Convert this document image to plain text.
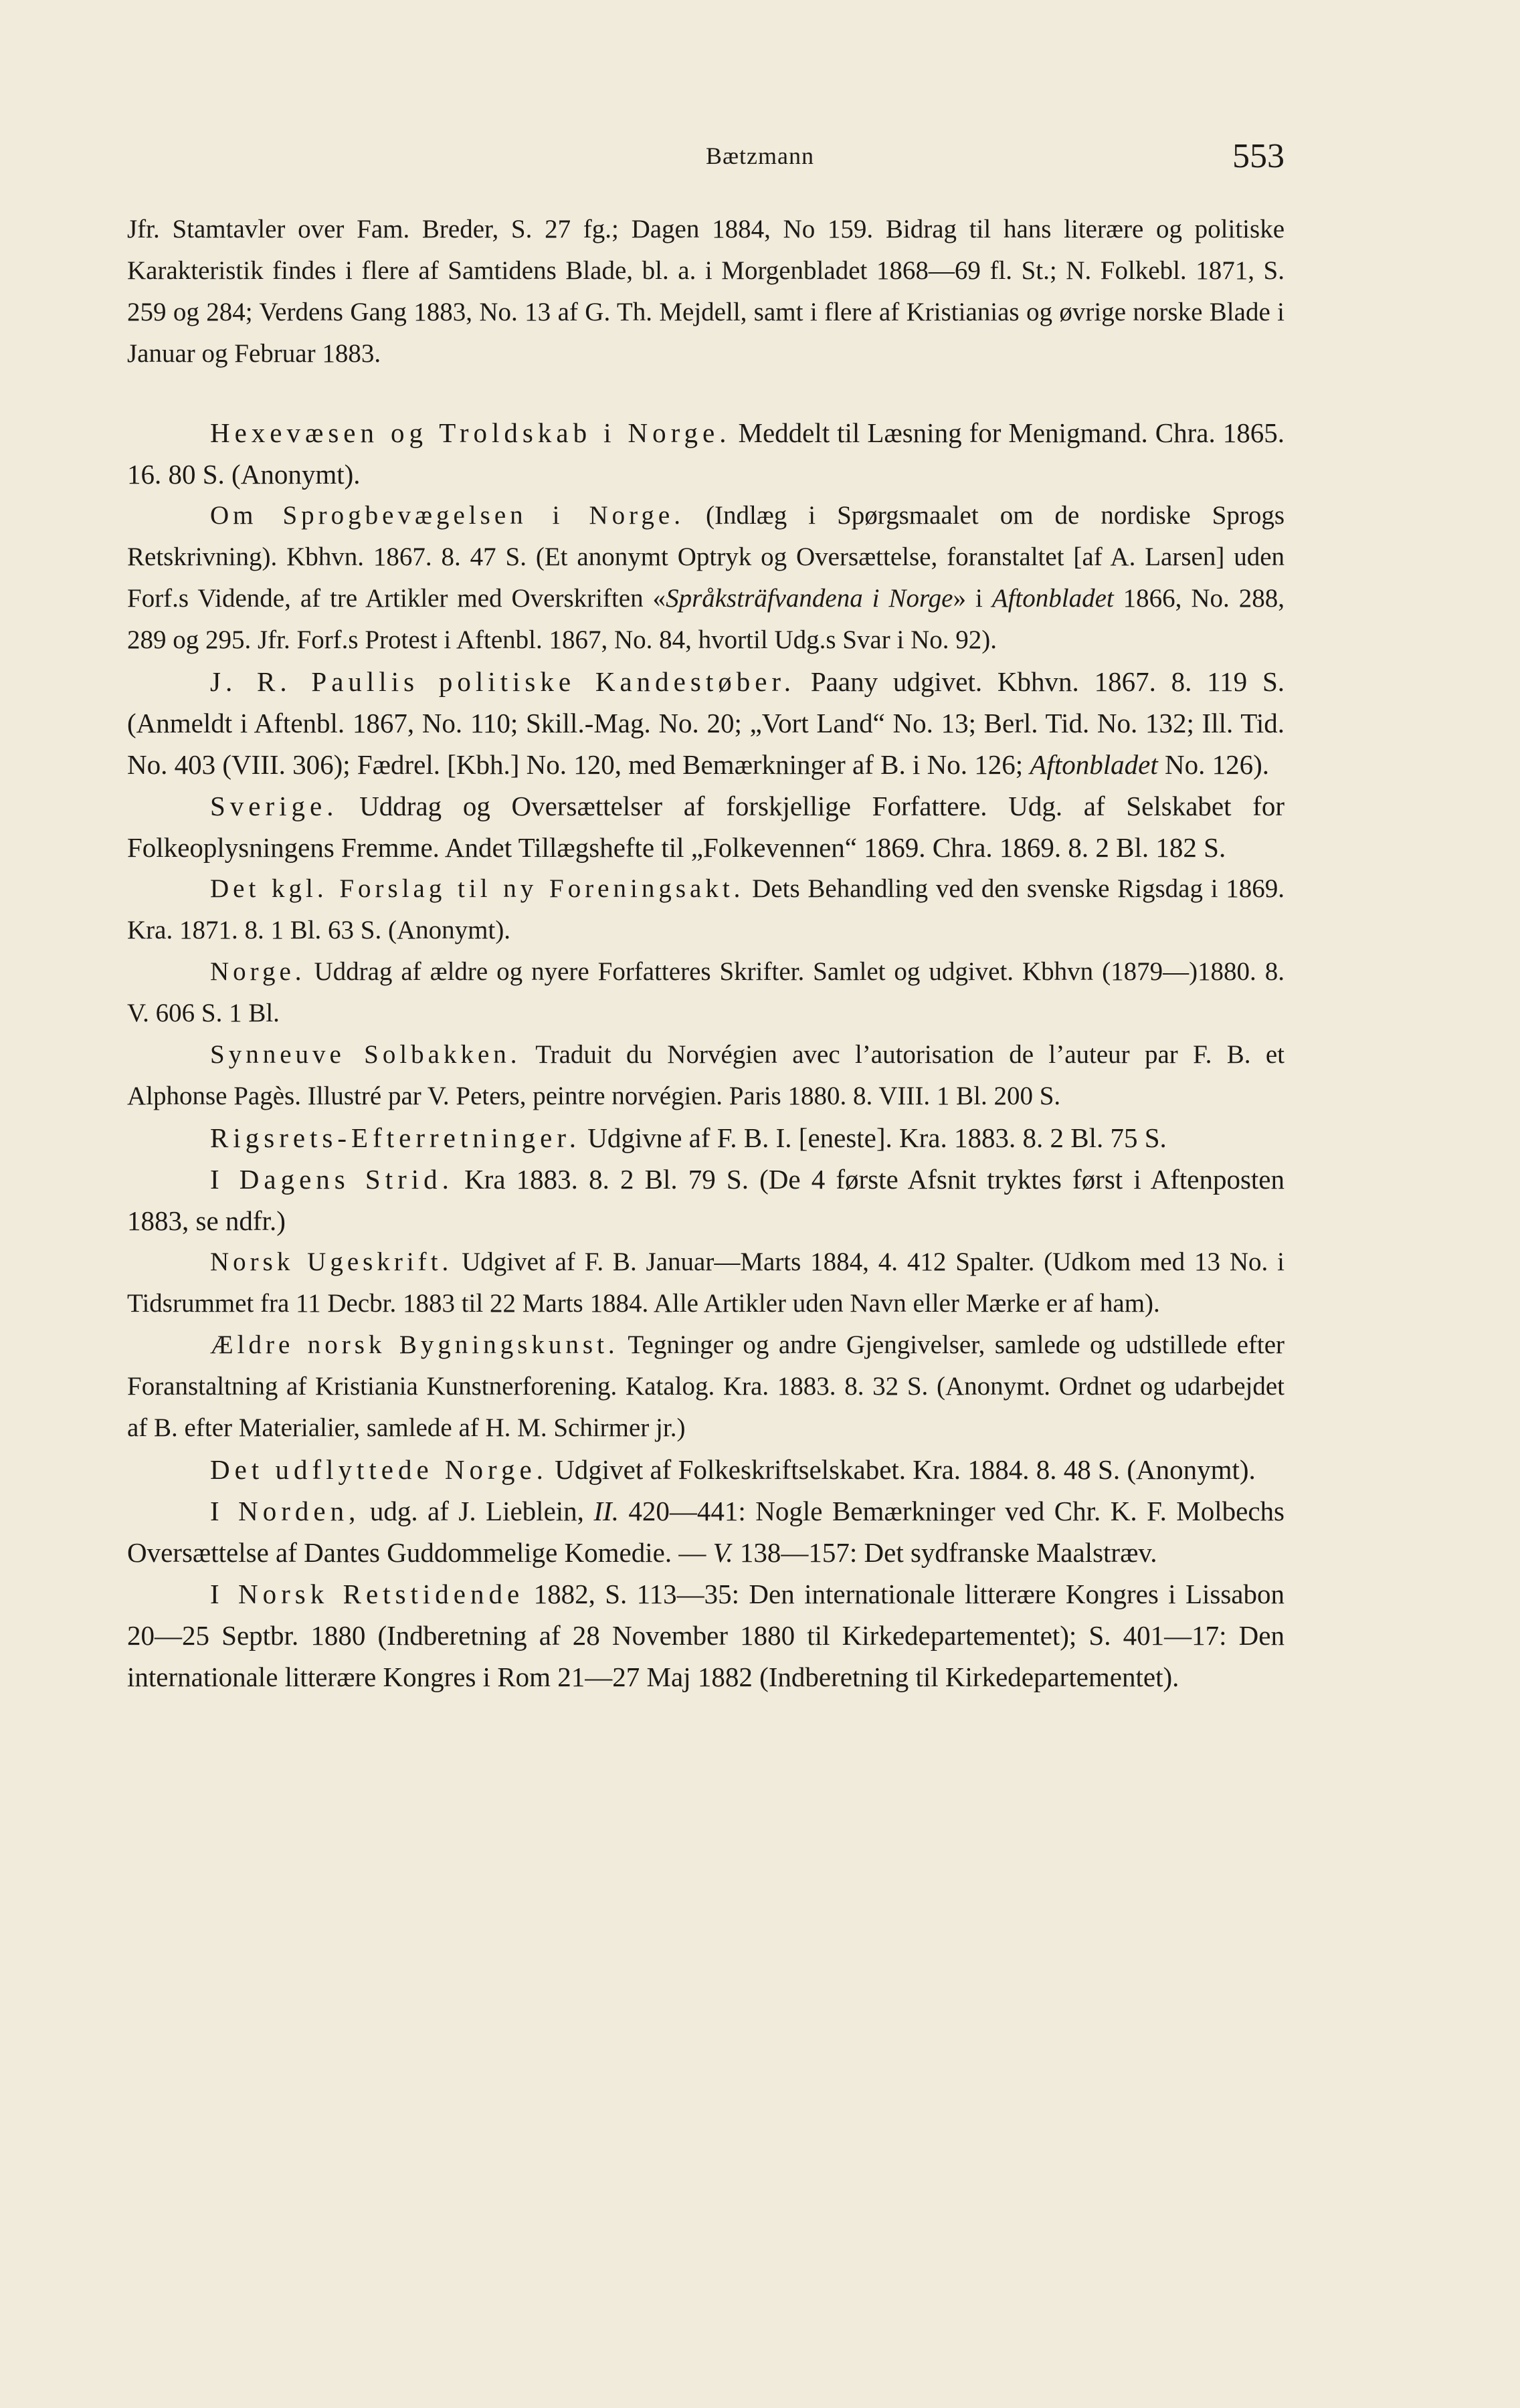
Bætzmann	553

Jfr. Stamtavler over Fam. Breder, S. 27 fg.; Dagen 1884, No 159. Bidrag til hans literære og politiske Karakteristik findes i flere af Samtidens Blade, bl. a. i Morgenbladet 1868—69 fl. St.; N. Folkebl. 1871, S. 259 og 284; Verdens Gang 1883, No. 13 af G. Th. Mejdell, samt i flere af Kristianias og øvrige norske Blade i Januar og Februar 1883.

Hexevæsen og Troldskab i Norge. Meddelt til Læsning for Menigmand. Chra. 1865. 16. 80 S. (Anonymt).

Om Sprogbevægelsen i Norge. (Indlæg i Spørgsmaalet om de nordiske Sprogs Retskrivning). Kbhvn. 1867. 8. 47 S. (Et anonymt Optryk og Oversættelse, foranstaltet [af A. Larsen] uden Forf.s Vidende, af tre Artikler med Overskriften «Språksträfvandena i Norge» i Aftonbladet 1866, No. 288, 289 og 295. Jfr. Forf.s Protest i Aftenbl. 1867, No. 84, hvortil Udg.s Svar i No. 92).

J. R. Paullis politiske Kandestøber. Paany udgivet. Kbhvn. 1867. 8. 119 S. (Anmeldt i Aftenbl. 1867, No. 110; Skill.-Mag. No. 20; „Vort Land“ No. 13; Berl. Tid. No. 132; Ill. Tid. No. 403 (VIII. 306); Fædrel. [Kbh.] No. 120, med Bemærkninger af B. i No. 126; Aftonbladet No. 126).

Sverige. Uddrag og Oversættelser af forskjellige Forfattere. Udg. af Selskabet for Folkeoplysningens Fremme. Andet Tillægshefte til „Folkevennen“ 1869. Chra. 1869. 8. 2 Bl. 182 S.

Det kgl. Forslag til ny Foreningsakt. Dets Behandling ved den svenske Rigsdag i 1869. Kra. 1871. 8. 1 Bl. 63 S. (Anonymt).

Norge. Uddrag af ældre og nyere Forfatteres Skrifter. Samlet og udgivet. Kbhvn (1879—)1880. 8. V. 606 S. 1 Bl.

Synneuve Solbakken. Traduit du Norvégien avec l’autorisation de l’auteur par F. B. et Alphonse Pagès. Illustré par V. Peters, peintre norvégien. Paris 1880. 8. VIII. 1 Bl. 200 S.

Rigsrets-Efterretninger. Udgivne af F. B. I. [eneste]. Kra. 1883. 8. 2 Bl. 75 S.

I Dagens Strid. Kra 1883. 8. 2 Bl. 79 S. (De 4 første Afsnit tryktes først i Aftenposten 1883, se ndfr.)

Norsk Ugeskrift. Udgivet af F. B. Januar—Marts 1884, 4. 412 Spalter. (Udkom med 13 No. i Tidsrummet fra 11 Decbr. 1883 til 22 Marts 1884. Alle Artikler uden Navn eller Mærke er af ham).

Ældre norsk Bygningskunst. Tegninger og andre Gjengivelser, samlede og udstillede efter Foranstaltning af Kristiania Kunstnerforening. Katalog. Kra. 1883. 8. 32 S. (Anonymt. Ordnet og udarbejdet af B. efter Materialier, samlede af H. M. Schirmer jr.)

Det udflyttede Norge. Udgivet af Folkeskriftselskabet. Kra. 1884. 8. 48 S. (Anonymt).

I Norden, udg. af J. Lieblein, II. 420—441: Nogle Bemærkninger ved Chr. K. F. Molbechs Oversættelse af Dantes Guddommelige Komedie. — V. 138—157: Det sydfranske Maalstræv.

I Norsk Retstidende 1882, S. 113—35: Den internationale litterære Kongres i Lissabon 20—25 Septbr. 1880 (Indberetning af 28 November 1880 til Kirkedepartementet); S. 401—17: Den internationale litterære Kongres i Rom 21—27 Maj 1882 (Indberetning til Kirkedepartementet).
